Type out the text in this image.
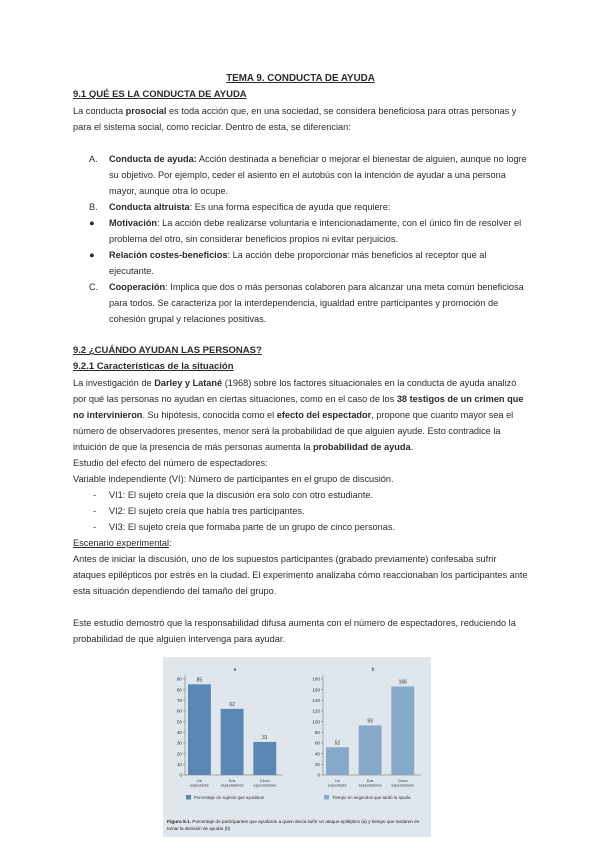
TEMA 9. CONDUCTA DE AYUDA

9.1 QUÉ ES LA CONDUCTA DE AYUDA

La conducta prosocial es toda acción que, en una sociedad, se considera beneficiosa para otras personas y para el sistema social, como reciclar. Dentro de esta, se diferencian:

A. Conducta de ayuda: Acción destinada a beneficiar o mejorar el bienestar de alguien, aunque no logre su objetivo. Por ejemplo, ceder el asiento en el autobús con la intención de ayudar a una persona mayor, aunque otra lo ocupe.
B. Conducta altruista: Es una forma específica de ayuda que requiere:
● Motivación: La acción debe realizarse voluntaria e intencionadamente, con el único fin de resolver el problema del otro, sin considerar beneficios propios ni evitar perjuicios.
● Relación costes-beneficios: La acción debe proporcionar más beneficios al receptor que al ejecutante.
C. Cooperación: Implica que dos o más personas colaboren para alcanzar una meta común beneficiosa para todos. Se caracteriza por la interdependencia, igualdad entre participantes y promoción de cohesión grupal y relaciones positivas.

9.2 ¿CUÁNDO AYUDAN LAS PERSONAS?

9.2.1 Características de la situación

La investigación de Darley y Latané (1968) sobre los factores situacionales en la conducta de ayuda analizó por qué las personas no ayudan en ciertas situaciones, como en el caso de los 38 testigos de un crimen que no intervinieron. Su hipótesis, conocida como el efecto del espectador, propone que cuanto mayor sea el número de observadores presentes, menor será la probabilidad de que alguien ayude. Esto contradice la intuición de que la presencia de más personas aumenta la probabilidad de ayuda.

Estudio del efecto del número de espectadores:

Variable independiente (VI): Número de participantes en el grupo de discusión.

- VI1: El sujeto creía que la discusión era solo con otro estudiante.
- VI2: El sujeto creía que había tres participantes.
- VI3: El sujeto creía que formaba parte de un grupo de cinco personas.

Escenario experimental:

Antes de iniciar la discusión, uno de los supuestos participantes (grabado previamente) confesaba sufrir ataques epilépticos por estrés en la ciudad. El experimento analizaba cómo reaccionaban los participantes ante esta situación dependiendo del tamaño del grupo.

Este estudio demostró que la responsabilidad difusa aumenta con el número de espectadores, reduciendo la probabilidad de que alguien intervenga para ayudar.

a
0
10
20
30
40
50
60
70
80
90	85
Un
espectador
62
Dos
espectadores
31
Cinco
espectadores
Porcentaje de sujetos que ayudaron
b
0
20
40
60
80
100
120
140
160
180
52
Un
espectador
93
Dos
espectadores
166
Cinco
espectadores
Tiempo en segundos que tardó la ayuda
Figura 9.1. Porcentaje de participantes que ayudaron a quien decía sufrir un ataque epiléptico (a) y tiempo que tardaron en tomar la decisión de ayudar (b)
